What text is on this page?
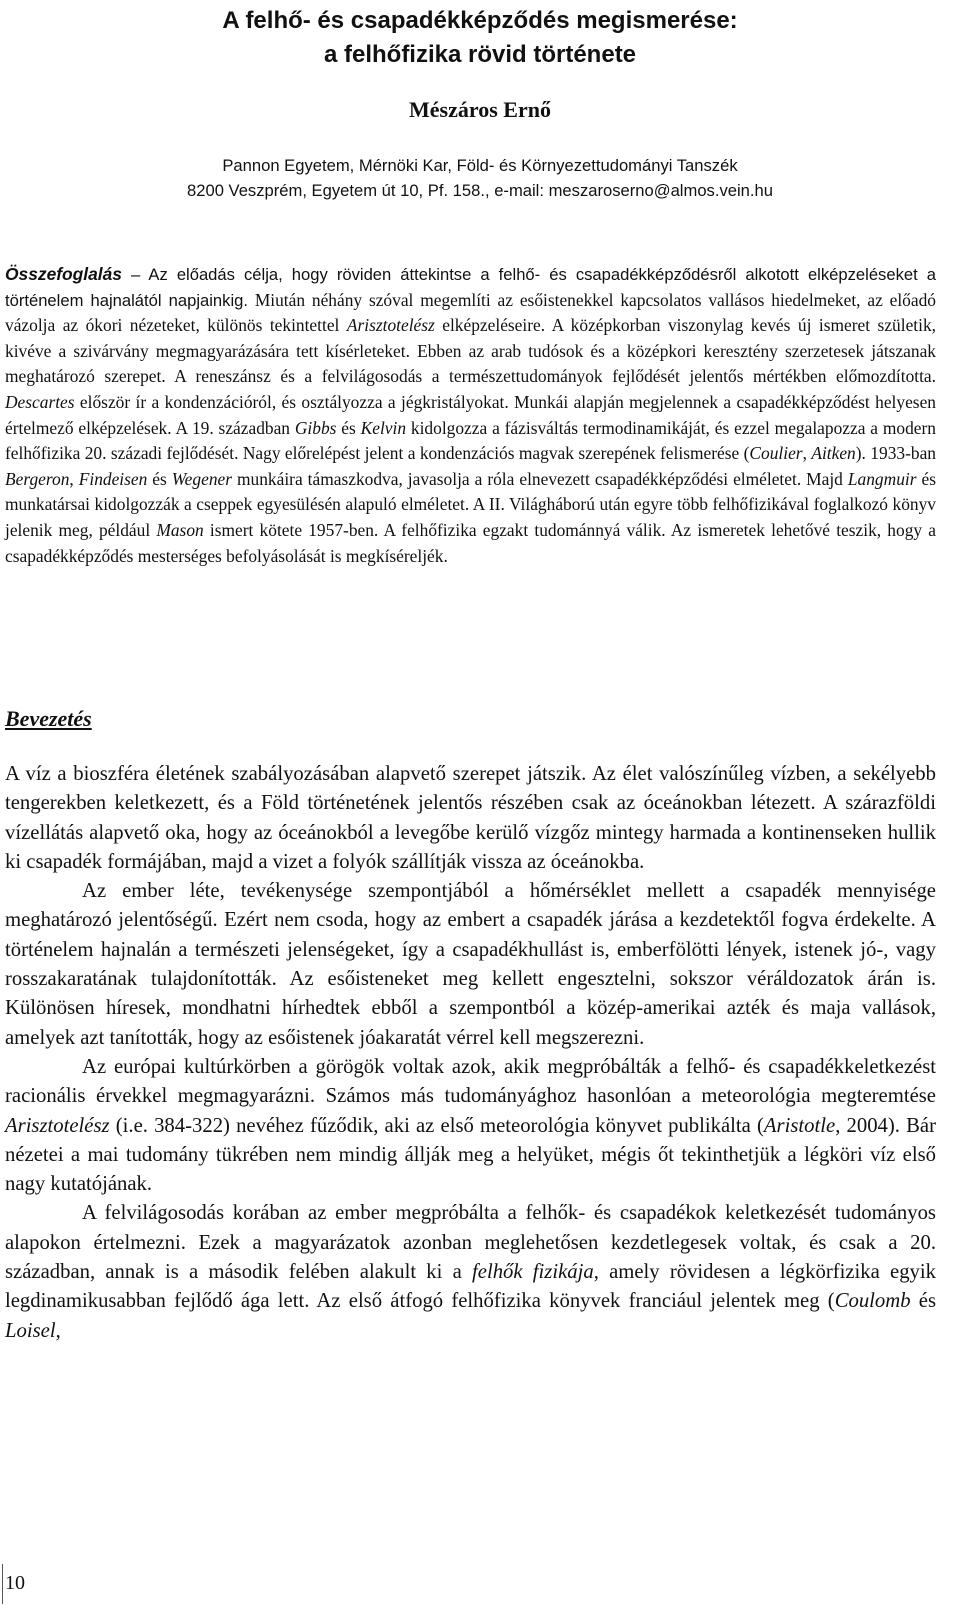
A felhő- és csapadékképződés megismerése:
a felhőfizika rövid története

Mészáros Ernő

Pannon Egyetem, Mérnöki Kar, Föld- és Környezettudományi Tanszék
8200 Veszprém, Egyetem út 10, Pf. 158., e-mail: meszaroserno@almos.vein.hu

Összefoglalás – Az előadás célja, hogy röviden áttekintse a felhő- és csapadékképződésről alkotott elképzeléseket a történelem hajnalától napjainkig. Miután néhány szóval megemlíti az esőistenekkel kapcsolatos vallásos hiedelmeket, az előadó vázolja az ókori nézeteket, különös tekintettel Arisztotelész elképzeléseire. A középkorban viszonylag kevés új ismeret születik, kivéve a szivárvány megmagyarázására tett kísérleteket. Ebben az arab tudósok és a középkori keresztény szerzetesek játszanak meghatározó szerepet. A reneszánsz és a felvilágosodás a természettudományok fejlődését jelentős mértékben előmozdította. Descartes először ír a kondenzációról, és osztályozza a jégkristályokat. Munkái alapján megjelennek a csapadékképződést helyesen értelmező elképzelések. A 19. században Gibbs és Kelvin kidolgozza a fázisváltás termodinamikáját, és ezzel megalapozza a modern felhőfizika 20. századi fejlődését. Nagy előrelépést jelent a kondenzációs magvak szerepének felismerése (Coulier, Aitken). 1933-ban Bergeron, Findeisen és Wegener munkáira támaszkodva, javasolja a róla elnevezett csapadékképződési elméletet. Majd Langmuir és munkatársai kidolgozzák a cseppek egyesülésén alapuló elméletet. A II. Világháború után egyre több felhőfizikával foglalkozó könyv jelenik meg, például Mason ismert kötete 1957-ben. A felhőfizika egzakt tudománnyá válik. Az ismeretek lehetővé teszik, hogy a csapadékképződés mesterséges befolyásolását is megkíséreljék.

Bevezetés

A víz a bioszféra életének szabályozásában alapvető szerepet játszik. Az élet valószínűleg vízben, a sekélyebb tengerekben keletkezett, és a Föld történetének jelentős részében csak az óceánokban létezett. A szárazföldi vízellátás alapvető oka, hogy az óceánokból a levegőbe kerülő vízgőz mintegy harmada a kontinenseken hullik ki csapadék formájában, majd a vizet a folyók szállítják vissza az óceánokba.

Az ember léte, tevékenysége szempontjából a hőmérséklet mellett a csapadék mennyisége meghatározó jelentőségű. Ezért nem csoda, hogy az embert a csapadék járása a kezdetektől fogva érdekelte. A történelem hajnalán a természeti jelenségeket, így a csapadékhullást is, emberfölötti lények, istenek jó-, vagy rosszakaratának tulajdonították. Az esőisteneket meg kellett engesztelni, sokszor véráldozatok árán is. Különösen híresek, mondhatni hírhedtek ebből a szempontból a közép-amerikai azték és maja vallások, amelyek azt tanították, hogy az esőistenek jóakaratát vérrel kell megszerezni.

Az európai kultúrkörben a görögök voltak azok, akik megpróbálták a felhő- és csapadékkeletkezést racionális érvekkel megmagyarázni. Számos más tudományághoz hasonlóan a meteorológia megteremtése Arisztotelész (i.e. 384-322) nevéhez fűződik, aki az első meteorológia könyvet publikálta (Aristotle, 2004). Bár nézetei a mai tudomány tükrében nem mindig állják meg a helyüket, mégis őt tekinthetjük a légköri víz első nagy kutatójának.

A felvilágosodás korában az ember megpróbálta a felhők- és csapadékok keletkezését tudományos alapokon értelmezni. Ezek a magyarázatok azonban meglehetősen kezdetlegesek voltak, és csak a 20. században, annak is a második felében alakult ki a felhők fizikája, amely rövidesen a légkörfizika egyik legdinamikusabban fejlődő ága lett. Az első átfogó felhőfizika könyvek franciául jelentek meg (Coulomb és Loisel,

10
